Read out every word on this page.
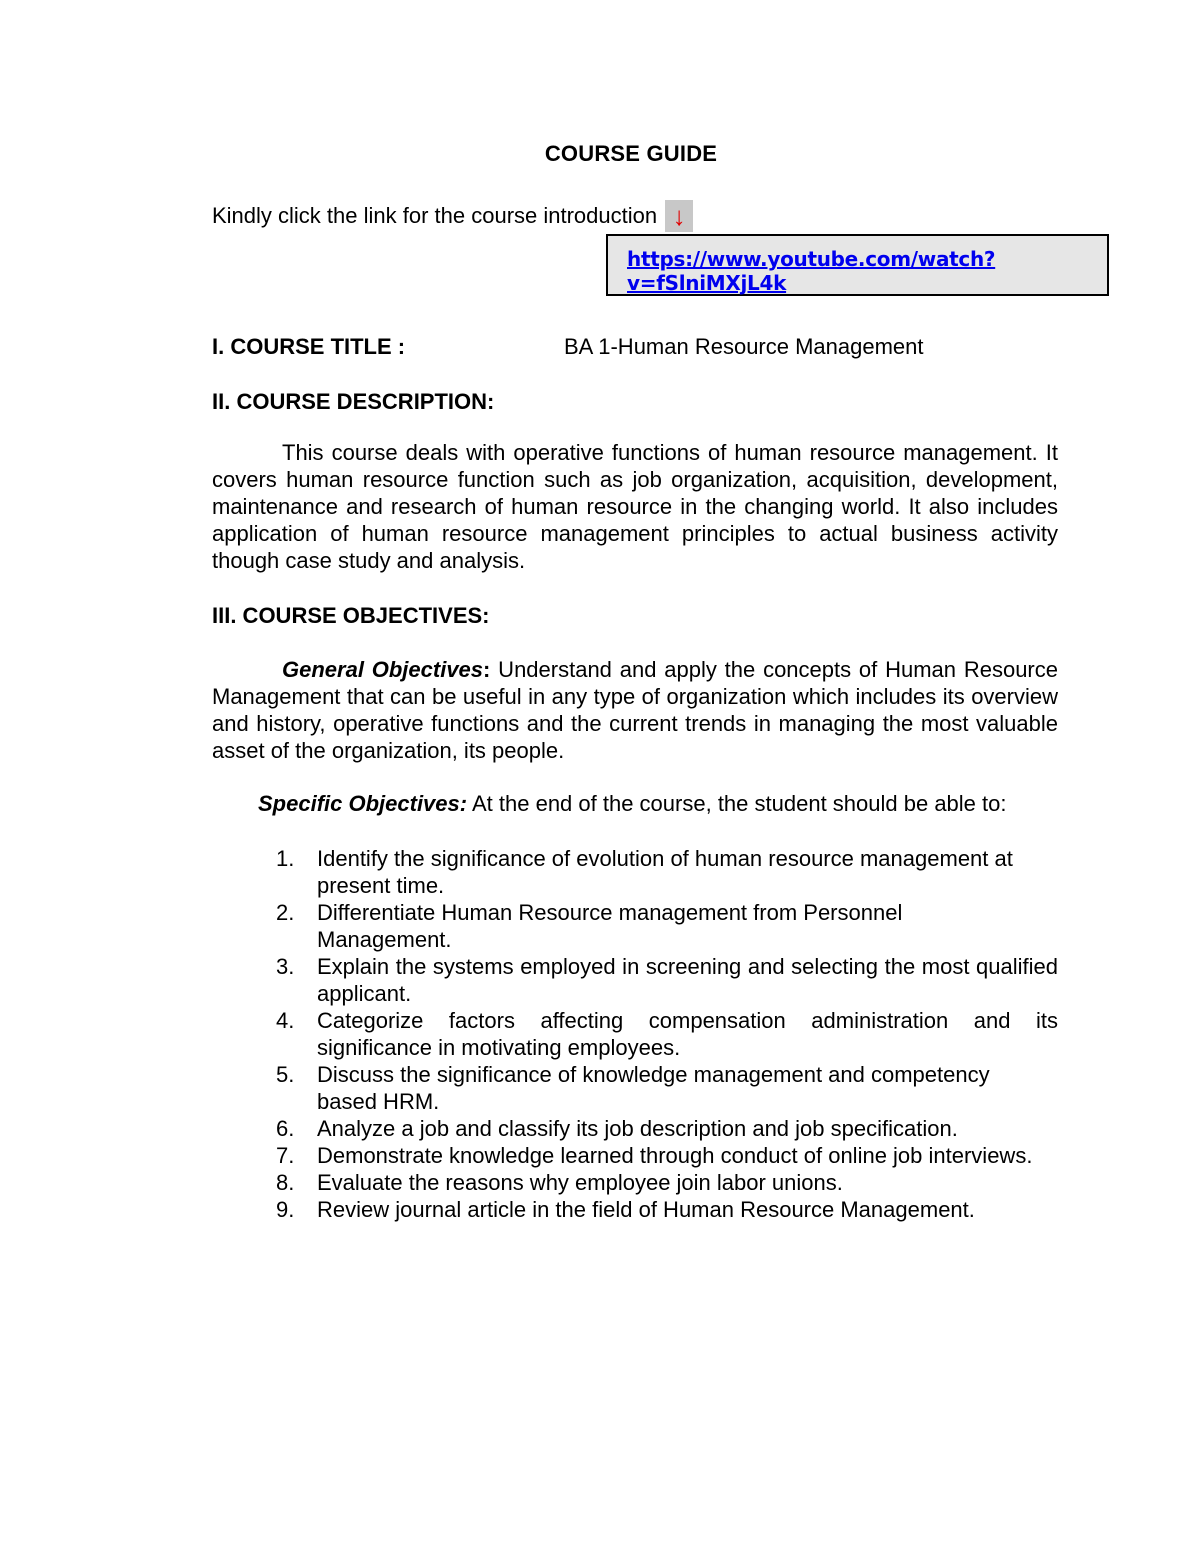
COURSE GUIDE
Kindly click the link for the course introduction ↓
https://www.youtube.com/watch?v=fSlniMXjL4k
I. COURSE TITLE :	BA 1-Human Resource Management
II. COURSE DESCRIPTION:

This course deals with operative functions of human resource management. It covers human resource function such as job organization, acquisition, development, maintenance and research of human resource in the changing world. It also includes application of human resource management principles to actual business activity though case study and analysis.

III. COURSE OBJECTIVES:

General Objectives: Understand and apply the concepts of Human Resource Management that can be useful in any type of organization which includes its overview and history, operative functions and the current trends in managing the most valuable asset of the organization, its people.

Specific Objectives: At the end of the course, the student should be able to:
1. Identify the significance of evolution of human resource management at present time.
2. Differentiate Human Resource management from Personnel Management.
3. Explain the systems employed in screening and selecting the most qualified applicant.
4. Categorize factors affecting compensation administration and its significance in motivating employees.
5. Discuss the significance of knowledge management and competency based HRM.
6. Analyze a job and classify its job description and job specification.
7. Demonstrate knowledge learned through conduct of online job interviews.
8. Evaluate the reasons why employee join labor unions.
9. Review journal article in the field of Human Resource Management.
